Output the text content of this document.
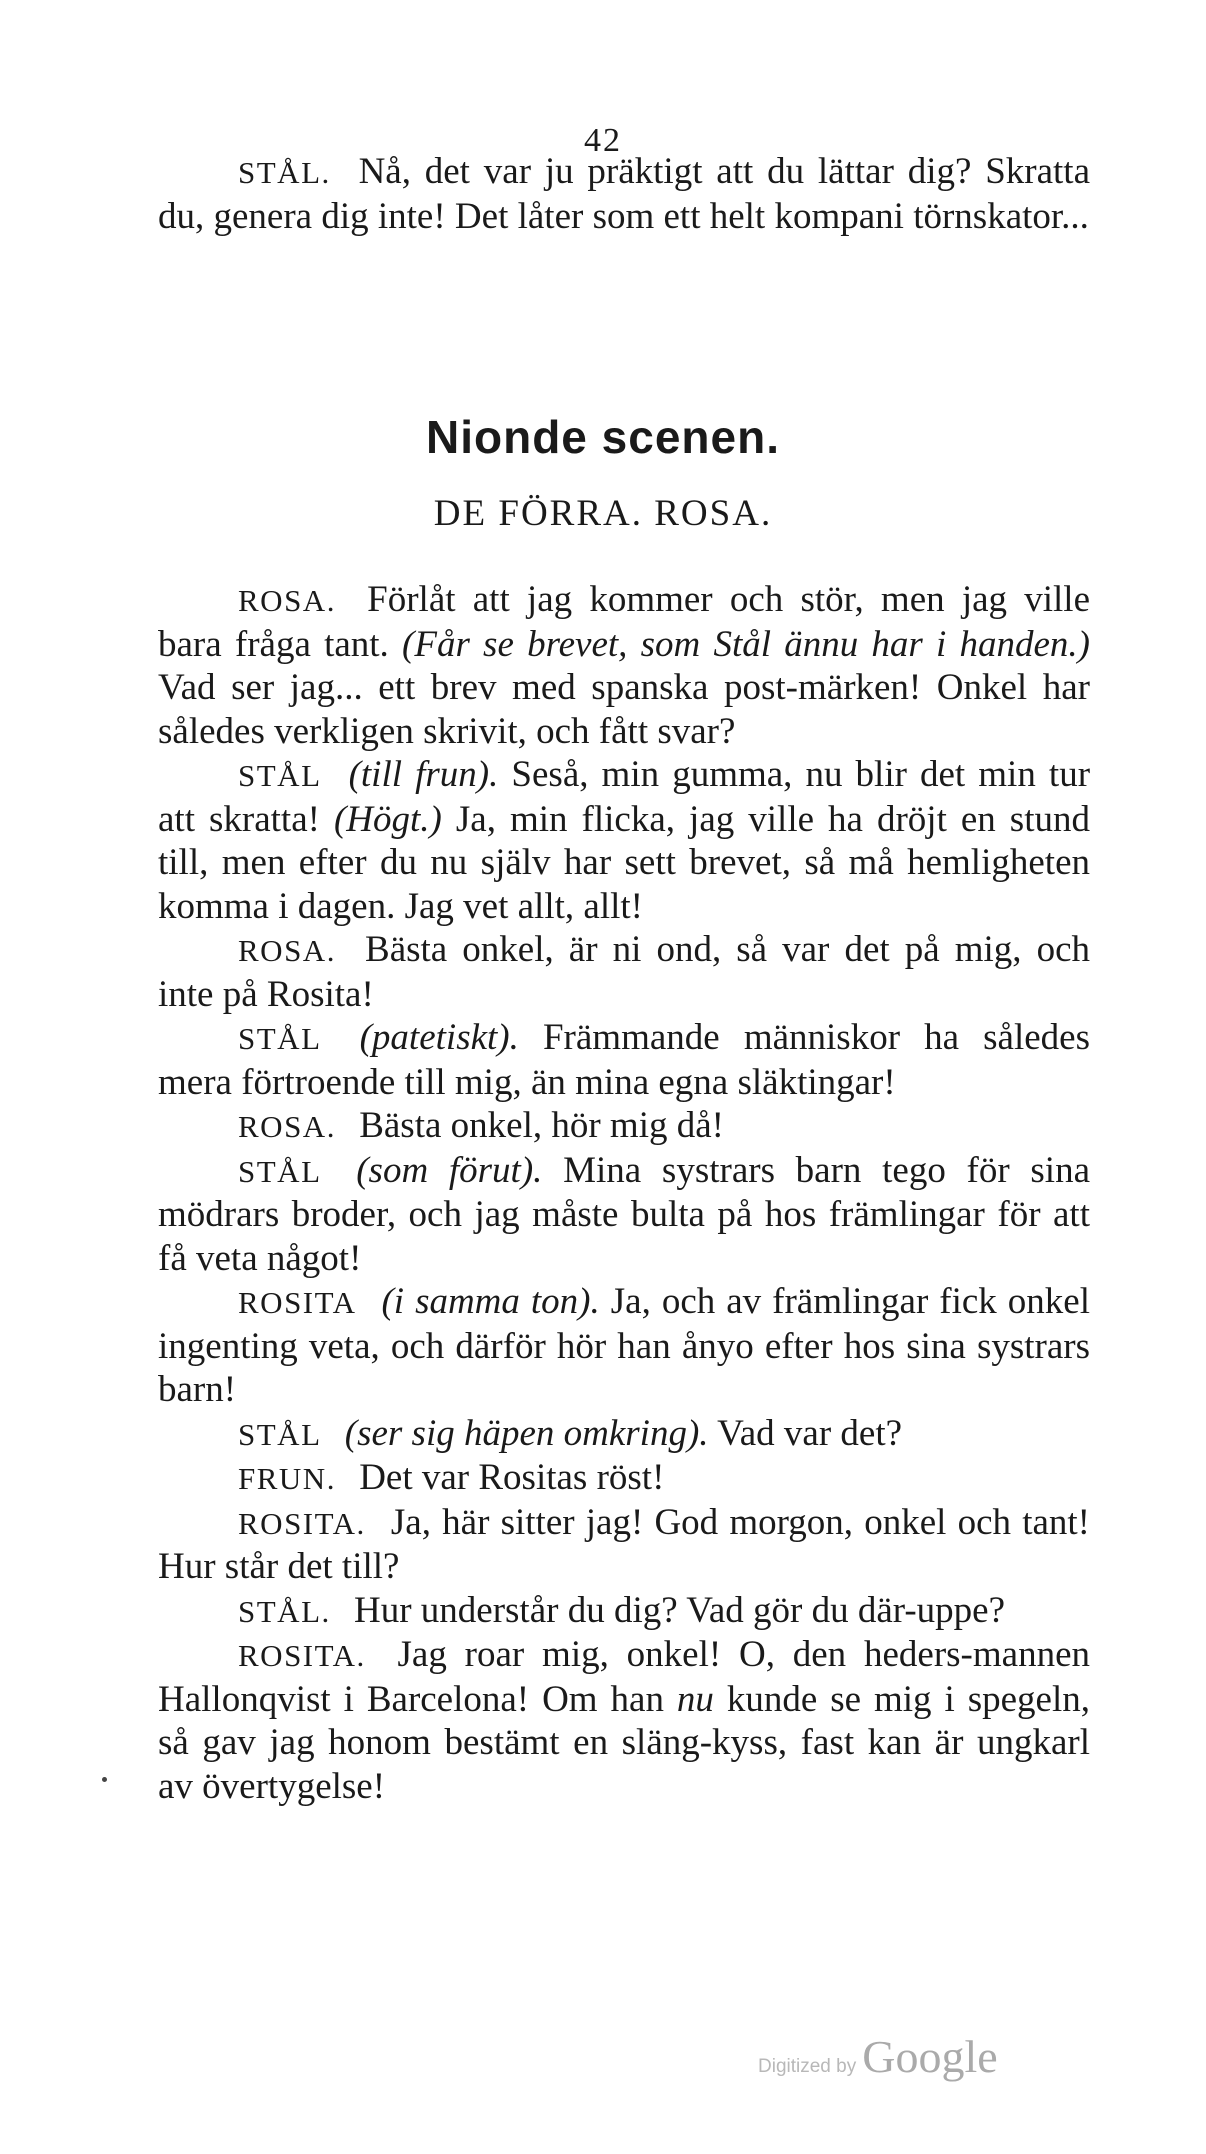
42

STÅL. Nå, det var ju präktigt att du lättar dig? Skratta du, genera dig inte! Det låter som ett helt kompani törnskator...

Nionde scenen.
DE FÖRRA. ROSA.

ROSA. Förlåt att jag kommer och stör, men jag ville bara fråga tant. (Får se brevet, som Stål ännu har i handen.) Vad ser jag... ett brev med spanska post-märken! Onkel har således verkligen skrivit, och fått svar?

STÅL (till frun). Seså, min gumma, nu blir det min tur att skratta! (Högt.) Ja, min flicka, jag ville ha dröjt en stund till, men efter du nu själv har sett brevet, så må hemligheten komma i dagen. Jag vet allt, allt!

ROSA. Bästa onkel, är ni ond, så var det på mig, och inte på Rosita!

STÅL (patetiskt). Främmande människor ha således mera förtroende till mig, än mina egna släktingar!

ROSA. Bästa onkel, hör mig då!

STÅL (som förut). Mina systrars barn tego för sina mödrars broder, och jag måste bulta på hos främlingar för att få veta något!

ROSITA (i samma ton). Ja, och av främlingar fick onkel ingenting veta, och därför hör han ånyo efter hos sina systrars barn!

STÅL (ser sig häpen omkring). Vad var det?

FRUN. Det var Rositas röst!

ROSITA. Ja, här sitter jag! God morgon, onkel och tant! Hur står det till?

STÅL. Hur understår du dig? Vad gör du där-uppe?

ROSITA. Jag roar mig, onkel! O, den heders-mannen Hallonqvist i Barcelona! Om han nu kunde se mig i spegeln, så gav jag honom bestämt en släng-kyss, fast kan är ungkarl av övertygelse!

Digitized by Google
